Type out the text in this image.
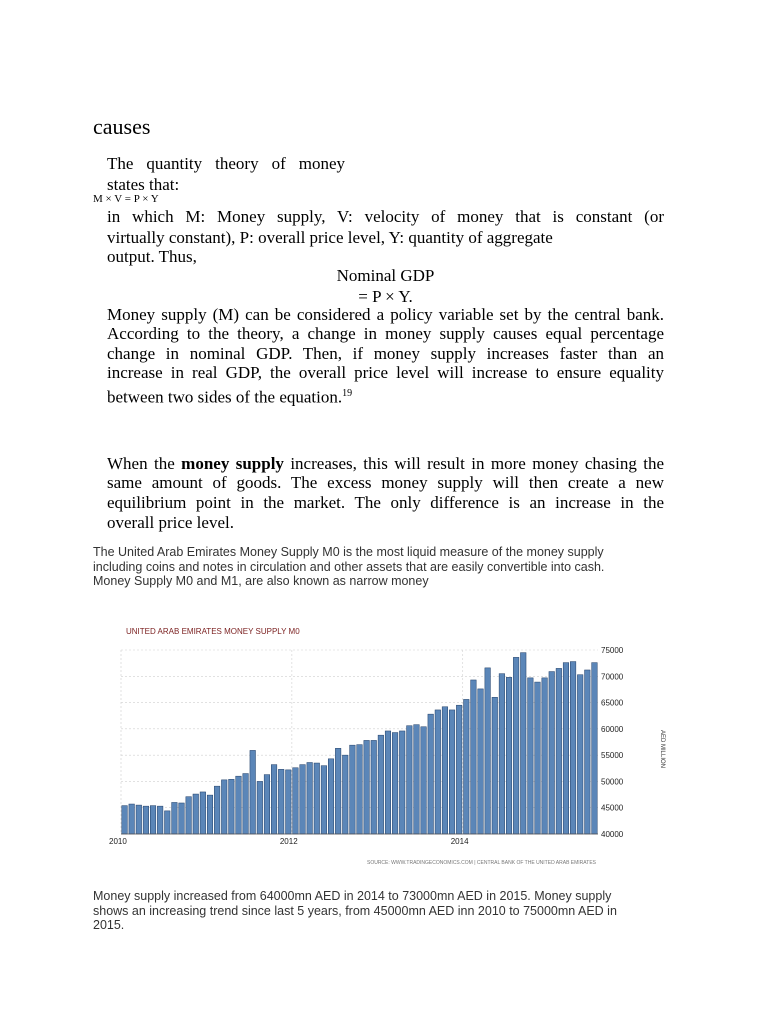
causes
The quantity theory of money
states that:
M × V = P × Y
in which M: Money supply, V: velocity of money that is constant (or
virtually constant), P: overall price level, Y: quantity of aggregate
output. Thus,
Nominal GDP
= P × Y.
Money supply (M) can be considered a policy variable set by the central bank.
According to the theory, a change in money supply causes equal percentage
change in nominal GDP. Then, if money supply increases faster than an
increase in real GDP, the overall price level will increase to ensure equality
between two sides of the equation.$^{19}$
When the money supply increases, this will result in more money chasing the
same amount of goods. The excess money supply will then create a new
equilibrium point in the market. The only difference is an increase in the
overall price level.
The United Arab Emirates Money Supply M0 is the most liquid measure of the money supply
including coins and notes in circulation and other assets that are easily convertible into cash.
Money Supply M0 and M1, are also known as narrow money
UNITED ARAB EMIRATES MONEY SUPPLY M0
AED MILLION
SOURCE: WWW.TRADINGECONOMICS.COM | CENTRAL BANK OF THE UNITED ARAB EMIRATES
40000
45000
50000
55000
60000
65000
70000
75000
2010	2012	2014
Money supply increased from 64000mn AED in 2014 to 73000mn AED in 2015. Money supply
shows an increasing trend since last 5 years, from 45000mn AED inn 2010 to 75000mn AED in
2015.
